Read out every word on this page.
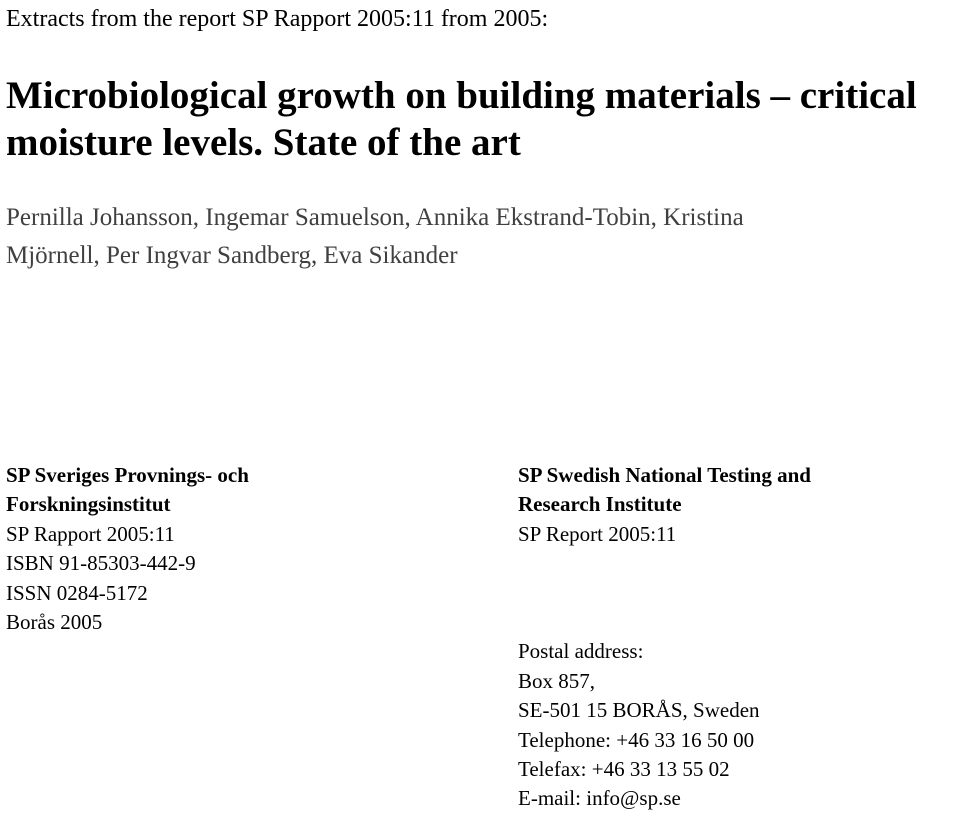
Extracts from the report SP Rapport 2005:11 from 2005:

Microbiological growth on building materials – critical
moisture levels. State of the art

Pernilla Johansson, Ingemar Samuelson, Annika Ekstrand-Tobin, Kristina
Mjörnell, Per Ingvar Sandberg, Eva Sikander

SP Sveriges Provnings- och
Forskningsinstitut
SP Rapport 2005:11
ISBN 91-85303-442-9
ISSN 0284-5172
Borås 2005
SP Swedish National Testing and
Research Institute
SP Report 2005:11
Postal address:
Box 857,
SE-501 15 BORÅS, Sweden
Telephone: +46 33 16 50 00
Telefax: +46 33 13 55 02
E-mail: info@sp.se
